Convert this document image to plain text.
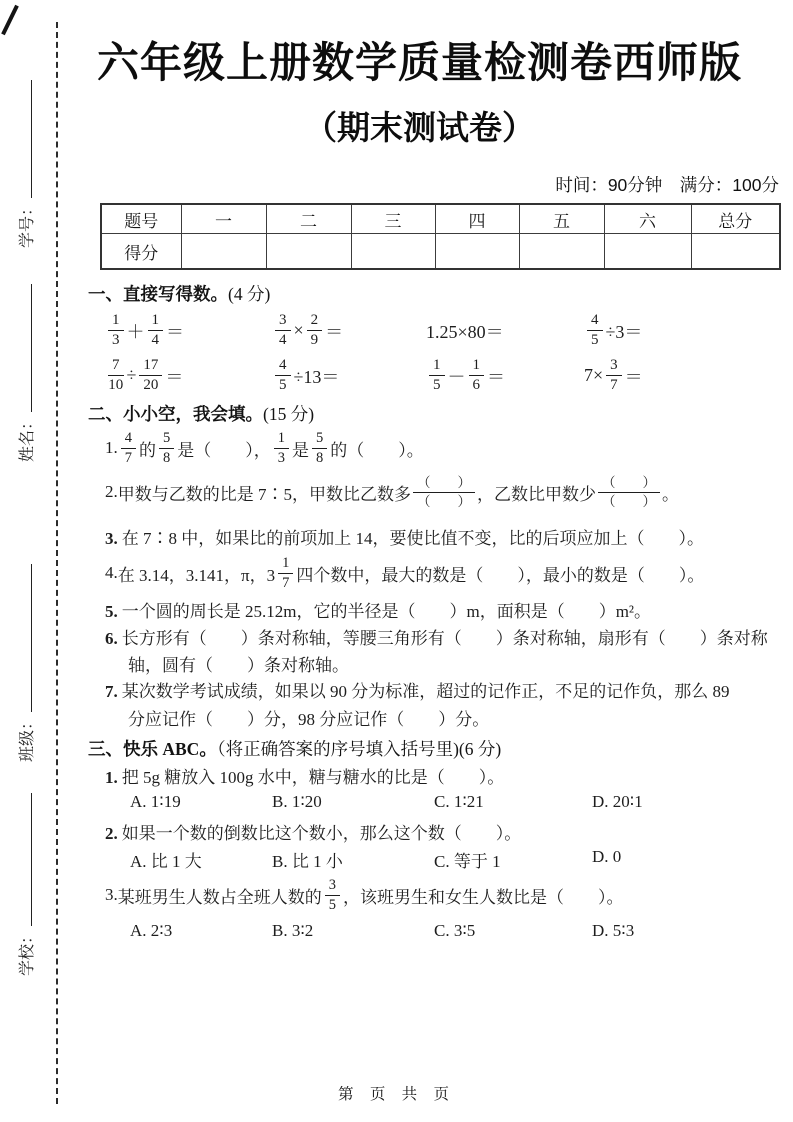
学号：
姓名：
班级：
学校：
六年级上册数学质量检测卷西师版
（期末测试卷）
时间：90分钟　满分：100分
题号	一	二	三	四	五	六	总分
得分							
一、直接写得数。(4 分)
$\frac{1}{3} + \frac{1}{4}$ ＝	$\frac{3}{4} \times \frac{2}{9}$ ＝	1.25×80＝	$\frac{4}{5} \div 3=$
$\frac{7}{10} \div \frac{17}{20}$ ＝	$\frac{4}{5} \div 13=$	$\frac{1}{5} - \frac{1}{6}$ ＝	$7\times \frac{3}{7}$ ＝
二、小小空，我会填。(15 分)
1. $\frac{4}{7}$ 的 $\frac{5}{8}$ 是（　　）， $\frac{1}{3}$ 是 $\frac{5}{8}$ 的（　　）。
2. 甲数与乙数的比是 7∶5，甲数比乙数多 $\frac{( )}{( )}$ ，乙数比甲数少 $\frac{( )}{( )}$ 。
3. 在 7∶8 中，如果比的前项加上 14，要使比值不变，比的后项应加上（　　）。
4. 在 3.14，3.141，π，$3 \frac{1}{7}$ 四个数中，最大的数是（　　），最小的数是（　　）。
5. 一个圆的周长是 25.12m，它的半径是（　　）m，面积是（　　）m²。
6. 长方形有（　　）条对称轴，等腰三角形有（　　）条对称轴，扇形有（　　）条对称
轴，圆有（　　）条对称轴。
7. 某次数学考试成绩，如果以 90 分为标准，超过的记作正，不足的记作负，那么 89
分应记作（　　）分，98 分应记作（　　）分。
三、快乐 ABC。（将正确答案的序号填入括号里)(6 分)
1. 把 5g 糖放入 100g 水中，糖与糖水的比是（　　）。
A. 1∶19	B. 1∶20	C. 1∶21	D. 20∶1
2. 如果一个数的倒数比这个数小，那么这个数（　　）。
A. 比 1 大	B. 比 1 小	C. 等于 1	D. 0
3. 某班男生人数占全班人数的 $\frac{3}{5}$ ，该班男生和女生人数比是（　　）。
A. 2∶3	B. 3∶2	C. 3∶5	D. 5∶3
第 页 共 页
